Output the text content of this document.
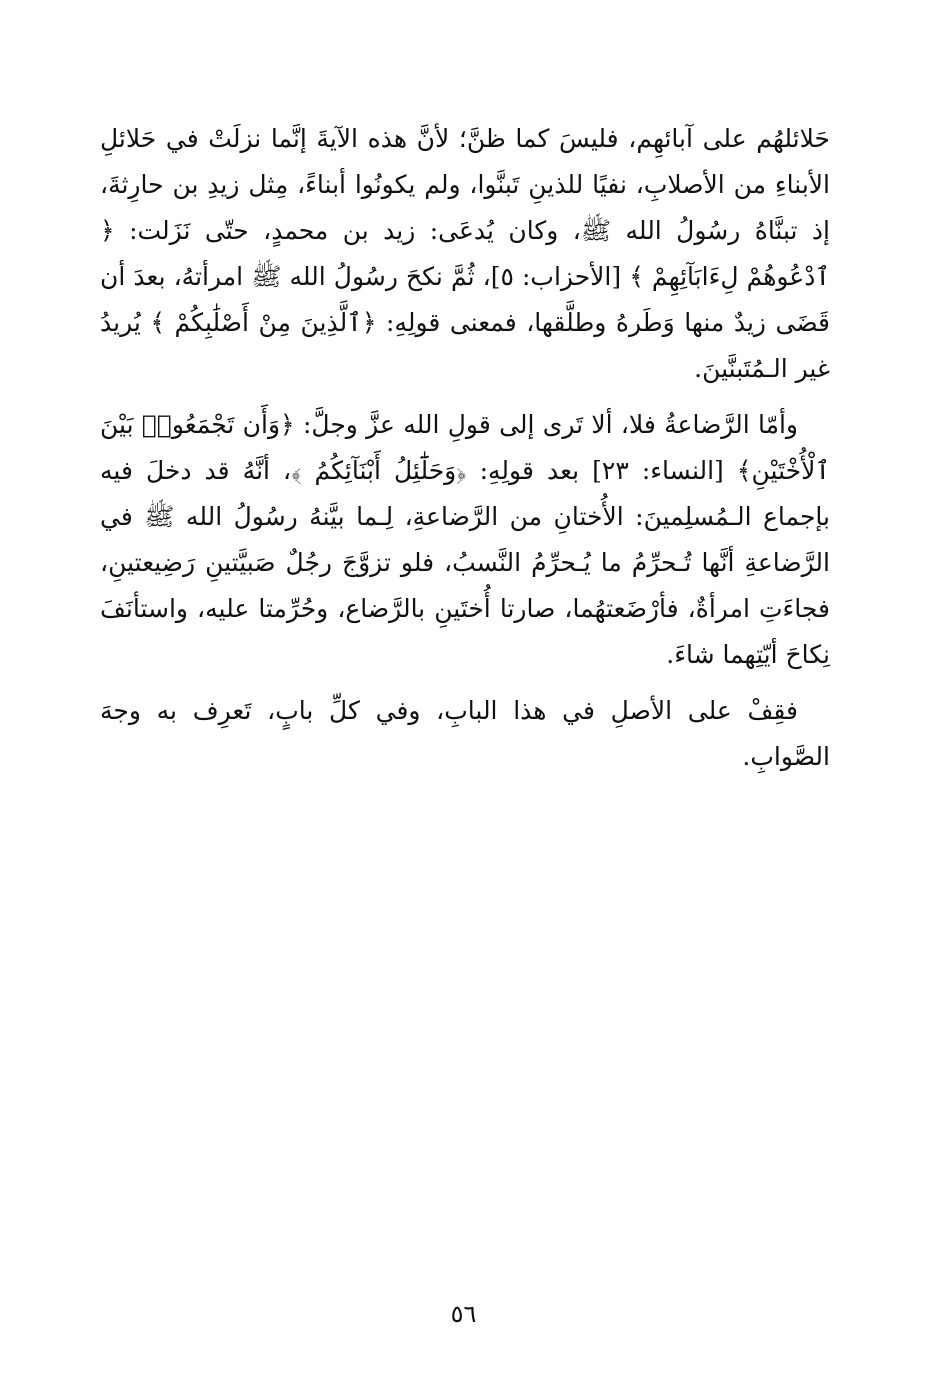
حَلائلهُم على آبائهِم، فليسَ كما ظنَّ؛ لأنَّ هذه الآيةَ إنَّما نزلَتْ في حَلائلِ الأبناءِ من الأصلابِ، نفيًا للذينِ تَبنَّوا، ولم يكونُوا أبناءً، مِثل زيدِ بن حارِثةَ، إذ تبنَّاهُ رسُولُ الله ﷺ، وكان يُدعَى: زيد بن محمدٍ، حتّى نَزَلت: ﴿ ٱدْعُوهُمْ لِءَابَآئِهِمْ ﴾ [الأحزاب: ٥]، ثُمَّ نكحَ رسُولُ الله ﷺ امرأتهُ، بعدَ أن قَضَى زيدٌ منها وَطَرهُ وطلَّقها، فمعنى قولِهِ: ﴿ٱلَّذِينَ مِنْ أَصْلَٰبِكُمْ ﴾ يُريدُ غير الـمُتَبنَّينَ.

وأمّا الرَّضاعةُ فلا، ألا تَرى إلى قولِ الله عزَّ وجلَّ: ﴿وَأَن تَجْمَعُوا۟ بَيْنَ ٱلْأُخْتَيْنِ﴾ [النساء: ٢٣] بعد قولِهِ: ﴿وَحَلَٰٓئِلُ أَبْنَآئِكُمُ ﴾، أنَّهُ قد دخلَ فيه بإجماع الـمُسلِمينَ: الأُختانِ من الرَّضاعةِ، لِـما بيَّنهُ رسُولُ الله ﷺ في الرَّضاعةِ أنَّها تُـحرِّمُ ما يُـحرِّمُ النَّسبُ، فلو تزوَّجَ رجُلٌ صَبيَّتينِ رَضِيعتينِ، فجاءَتِ امرأةٌ، فأرْضَعتهُما، صارتا أُختَينِ بالرَّضاع، وحُرِّمتا عليه، واستأنَفَ نِكاحَ أيّتِهما شاءَ.

فقِفْ على الأصلِ في هذا البابِ، وفي كلِّ بابٍ، تَعرِف به وجهَ الصَّوابِ.

٥٦
